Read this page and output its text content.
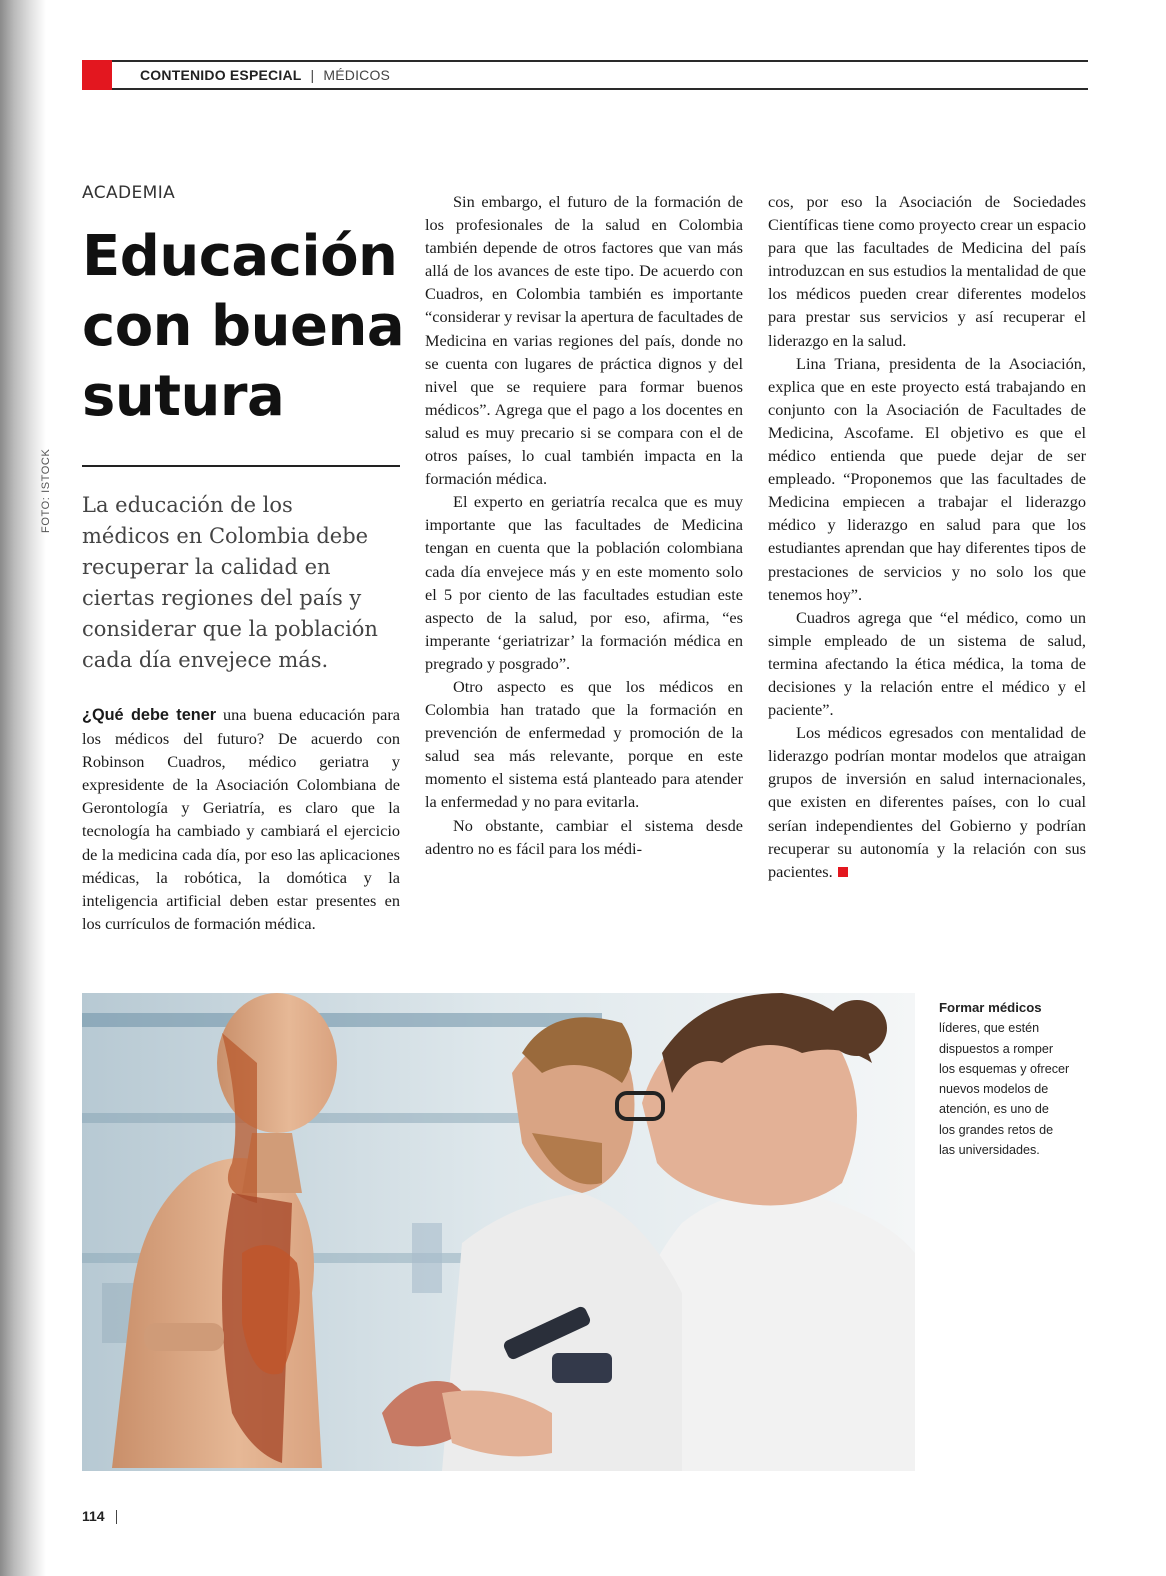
CONTENIDO ESPECIAL | MÉDICOS
FOTO: ISTOCK
ACADEMIA
Educación
con buena
sutura

La educación de los
médicos en Colombia debe
recuperar la calidad en
ciertas regiones del país y
considerar que la población
cada día envejece más.

¿Qué debe tener una buena educación para los médicos del futuro? De acuerdo con Robinson Cuadros, médico geriatra y expresidente de la Asociación Colombiana de Gerontología y Geriatría, es claro que la tecnología ha cambiado y cambiará el ejercicio de la medicina cada día, por eso las aplicaciones médicas, la robótica, la domótica y la inteligencia artificial deben estar presentes en los currículos de formación médica.

Sin embargo, el futuro de la formación de los profesionales de la salud en Colombia también depende de otros factores que van más allá de los avances de este tipo. De acuerdo con Cuadros, en Colombia también es importante “considerar y revisar la apertura de facultades de Medicina en varias regiones del país, donde no se cuenta con lugares de práctica dignos y del nivel que se requiere para formar buenos médicos”. Agrega que el pago a los docentes en salud es muy precario si se compara con el de otros países, lo cual también impacta en la formación médica.

El experto en geriatría recalca que es muy importante que las facultades de Medicina tengan en cuenta que la población colombiana cada día envejece más y en este momento solo el 5 por ciento de las facultades estudian este aspecto de la salud, por eso, afirma, “es imperante ‘geriatrizar’ la formación médica en pregrado y posgrado”.

Otro aspecto es que los médicos en Colombia han tratado que la formación en prevención de enfermedad y promoción de la salud sea más relevante, porque en este momento el sistema está planteado para atender la enfermedad y no para evitarla.

No obstante, cambiar el sistema desde adentro no es fácil para los médi-

cos, por eso la Asociación de Sociedades Científicas tiene como proyecto crear un espacio para que las facultades de Medicina del país introduzcan en sus estudios la mentalidad de que los médicos pueden crear diferentes modelos para prestar sus servicios y así recuperar el liderazgo en la salud.

Lina Triana, presidenta de la Asociación, explica que en este proyecto está trabajando en conjunto con la Asociación de Facultades de Medicina, Ascofame. El objetivo es que el médico entienda que puede dejar de ser empleado. “Proponemos que las facultades de Medicina empiecen a trabajar el liderazgo médico y liderazgo en salud para que los estudiantes aprendan que hay diferentes tipos de prestaciones de servicios y no solo los que tenemos hoy”.

Cuadros agrega que “el médico, como un simple empleado de un sistema de salud, termina afectando la ética médica, la toma de decisiones y la relación entre el médico y el paciente”.

Los médicos egresados con mentalidad de liderazgo podrían montar modelos que atraigan grupos de inversión en salud internacionales, que existen en diferentes países, con lo cual serían independientes del Gobierno y podrían recuperar su autonomía y la relación con sus pacientes.

Formar médicos
líderes, que estén
dispuestos a romper
los esquemas y ofrecer
nuevos modelos de
atención, es uno de
los grandes retos de
las universidades.
114
